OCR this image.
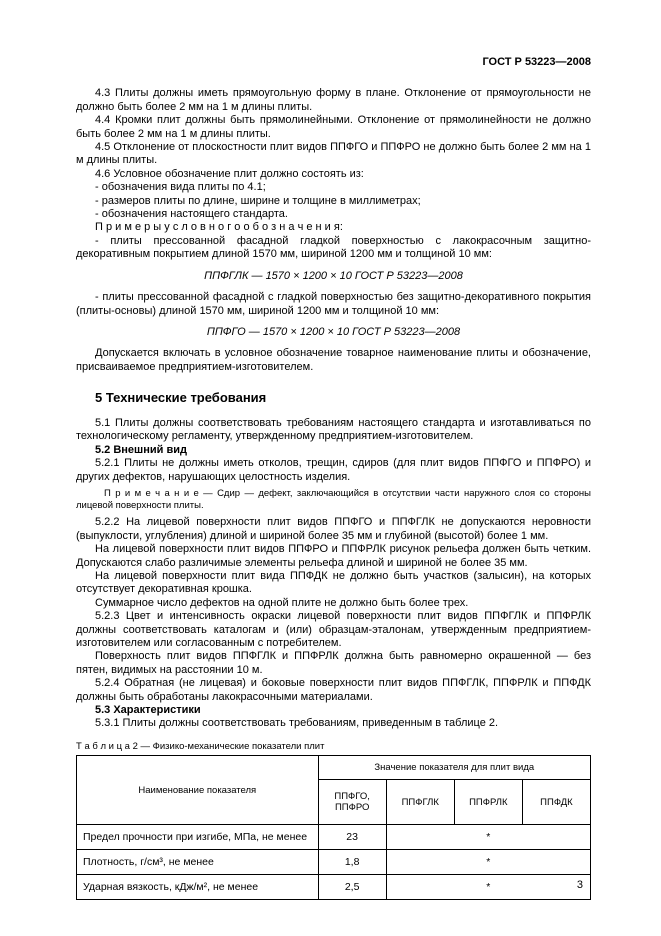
ГОСТ Р 53223—2008

4.3 Плиты должны иметь прямоугольную форму в плане. Отклонение от прямоугольности не должно быть более 2 мм на 1 м длины плиты.

4.4 Кромки плит должны быть прямолинейными. Отклонение от прямолинейности не должно быть более 2 мм на 1 м длины плиты.

4.5 Отклонение от плоскостности плит видов ППФГО и ППФРО не должно быть более 2 мм на 1 м длины плиты.

4.6 Условное обозначение плит должно состоять из:

- обозначения вида плиты по 4.1;

- размеров плиты по длине, ширине и толщине в миллиметрах;

- обозначения настоящего стандарта.

П р и м е р ы у с л о в н о г о о б о з н а ч е н и я:

- плиты прессованной фасадной гладкой поверхностью с лакокрасочным защитно-декоративным покрытием длиной 1570 мм, шириной 1200 мм и толщиной 10 мм:

ППФГЛК — 1570 × 1200 × 10 ГОСТ Р 53223—2008

- плиты прессованной фасадной с гладкой поверхностью без защитно-декоративного покрытия (плиты-основы) длиной 1570 мм, шириной 1200 мм и толщиной 10 мм:

ППФГО — 1570 × 1200 × 10 ГОСТ Р 53223—2008

Допускается включать в условное обозначение товарное наименование плиты и обозначение, присваиваемое предприятием-изготовителем.

5 Технические требования

5.1 Плиты должны соответствовать требованиям настоящего стандарта и изготавливаться по технологическому регламенту, утвержденному предприятием-изготовителем.

5.2 Внешний вид

5.2.1 Плиты не должны иметь отколов, трещин, сдиров (для плит видов ППФГО и ППФРО) и других дефектов, нарушающих целостность изделия.

П р и м е ч а н и е — Сдир — дефект, заключающийся в отсутствии части наружного слоя со стороны лицевой поверхности плиты.

5.2.2 На лицевой поверхности плит видов ППФГО и ППФГЛК не допускаются неровности (выпуклости, углубления) длиной и шириной более 35 мм и глубиной (высотой) более 1 мм.

На лицевой поверхности плит видов ППФРО и ППФРЛК рисунок рельефа должен быть четким. Допускаются слабо различимые элементы рельефа длиной и шириной не более 35 мм.

На лицевой поверхности плит вида ППФДК не должно быть участков (залысин), на которых отсутствует декоративная крошка.

Суммарное число дефектов на одной плите не должно быть более трех.

5.2.3 Цвет и интенсивность окраски лицевой поверхности плит видов ППФГЛК и ППФРЛК должны соответствовать каталогам и (или) образцам-эталонам, утвержденным предприятием-изготовителем или согласованным с потребителем.

Поверхность плит видов ППФГЛК и ППФРЛК должна быть равномерно окрашенной — без пятен, видимых на расстоянии 10 м.

5.2.4 Обратная (не лицевая) и боковые поверхности плит видов ППФГЛК, ППФРЛК и ППФДК должны быть обработаны лакокрасочными материалами.

5.3 Характеристики

5.3.1 Плиты должны соответствовать требованиям, приведенным в таблице 2.

Т а б л и ц а 2 — Физико-механические показатели плит

Наименование показателя	Значение показателя для плит вида			
	ППФГО, ППФРО	ППФГЛК	ППФРЛК	ППФДК
Предел прочности при изгибе, МПа, не менее	23	*		
Плотность, г/см³, не менее	1,8	*		
Ударная вязкость, кДж/м², не менее	2,5	*			3
